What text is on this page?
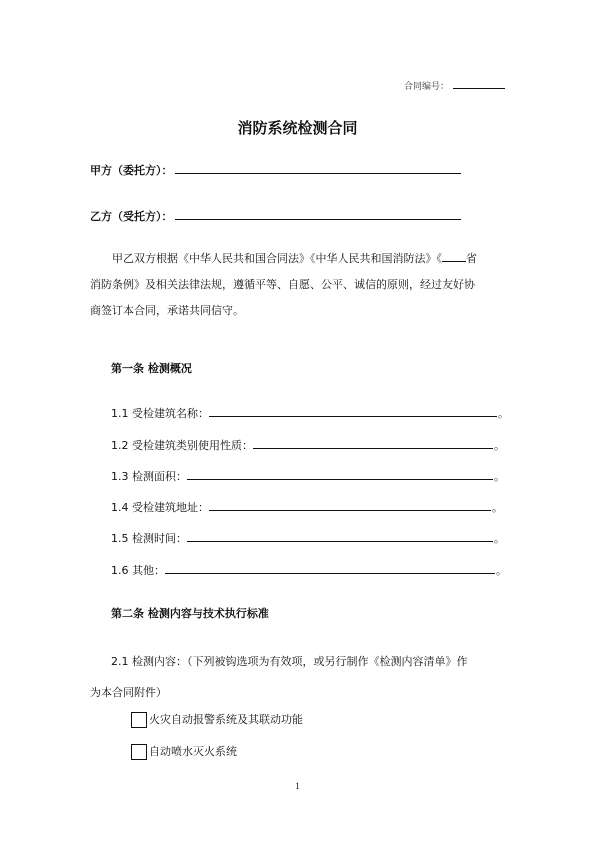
合同编号：
消防系统检测合同
甲方（委托方）：
乙方（受托方）：

甲乙双方根据《中华人民共和国合同法》《中华人民共和国消防法》《 省

消防条例》及相关法律法规，遵循平等、自愿、公平、诚信的原则，经过友好协

商签订本合同，承诺共同信守。

第一条 检测概况
1.1 受检建筑名称：	。
1.2 受检建筑类别使用性质：	。
1.3 检测面积：	。
1.4 受检建筑地址：	。
1.5 检测时间：	。
1.6 其他：	。
第二条 检测内容与技术执行标准
2.1 检测内容：（下列被钩选项为有效项，或另行制作《检测内容清单》作
为本合同附件）
火灾自动报警系统及其联动功能
自动喷水灭火系统
1
